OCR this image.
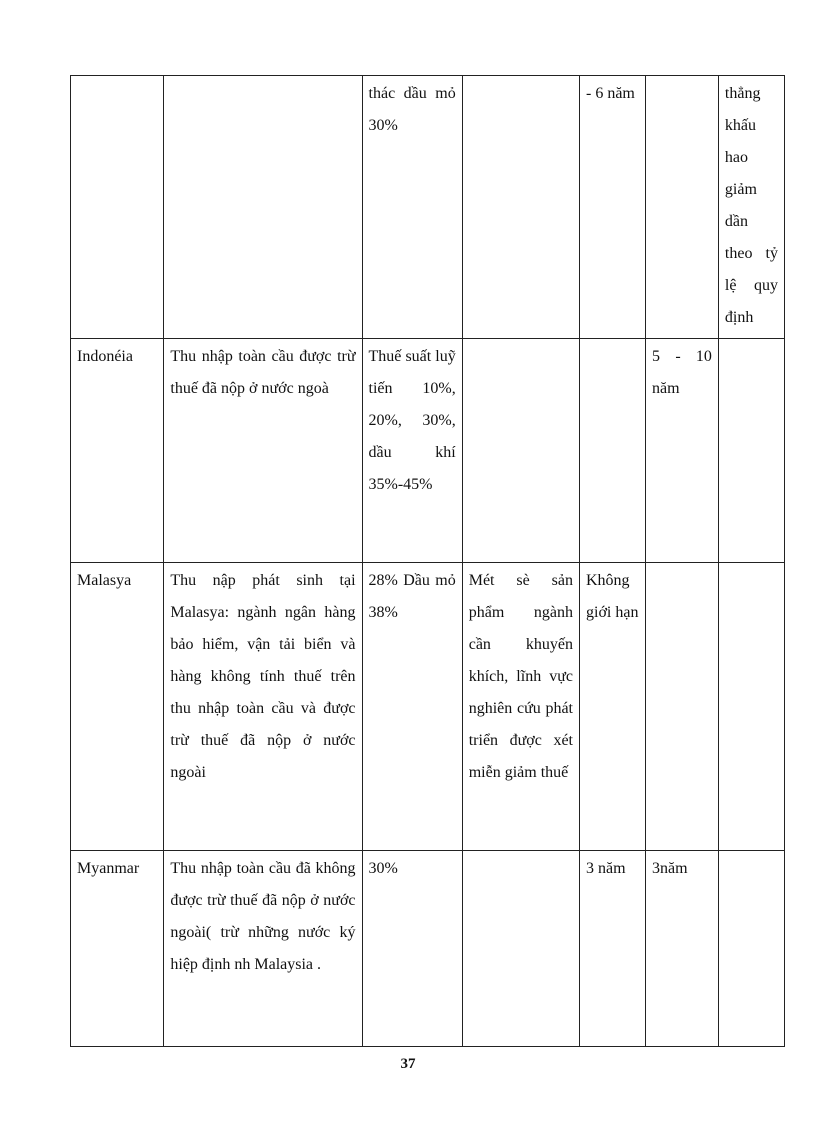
		thác dầu mỏ 30%		- 6 năm		thẳng khấu hao giảm dần theo tỷ lệ quy định
Indonéia	Thu nhập toàn cầu được trừ thuế đã nộp ở nước ngoà	Thuế suất luỹ tiến 10%, 20%, 30%, dầu khí 35%-45%			5 - 10 năm	
Malasya	Thu nập phát sinh tại Malasya: ngành ngân hàng bảo hiểm, vận tải biển và hàng không tính thuế trên thu nhập toàn cầu và được trừ thuế đã nộp ở nước ngoài	28% Dầu mỏ 38%	Mét sè sản phẩm ngành cần khuyến khích, lĩnh vực nghiên cứu phát triển được xét miễn giảm thuế	Không giới hạn		
Myanmar	Thu nhập toàn cầu đã không được trừ thuế đã nộp ở nước ngoài( trừ những nước ký hiệp định nh Malaysia .	30%		3 năm	3năm	
37
